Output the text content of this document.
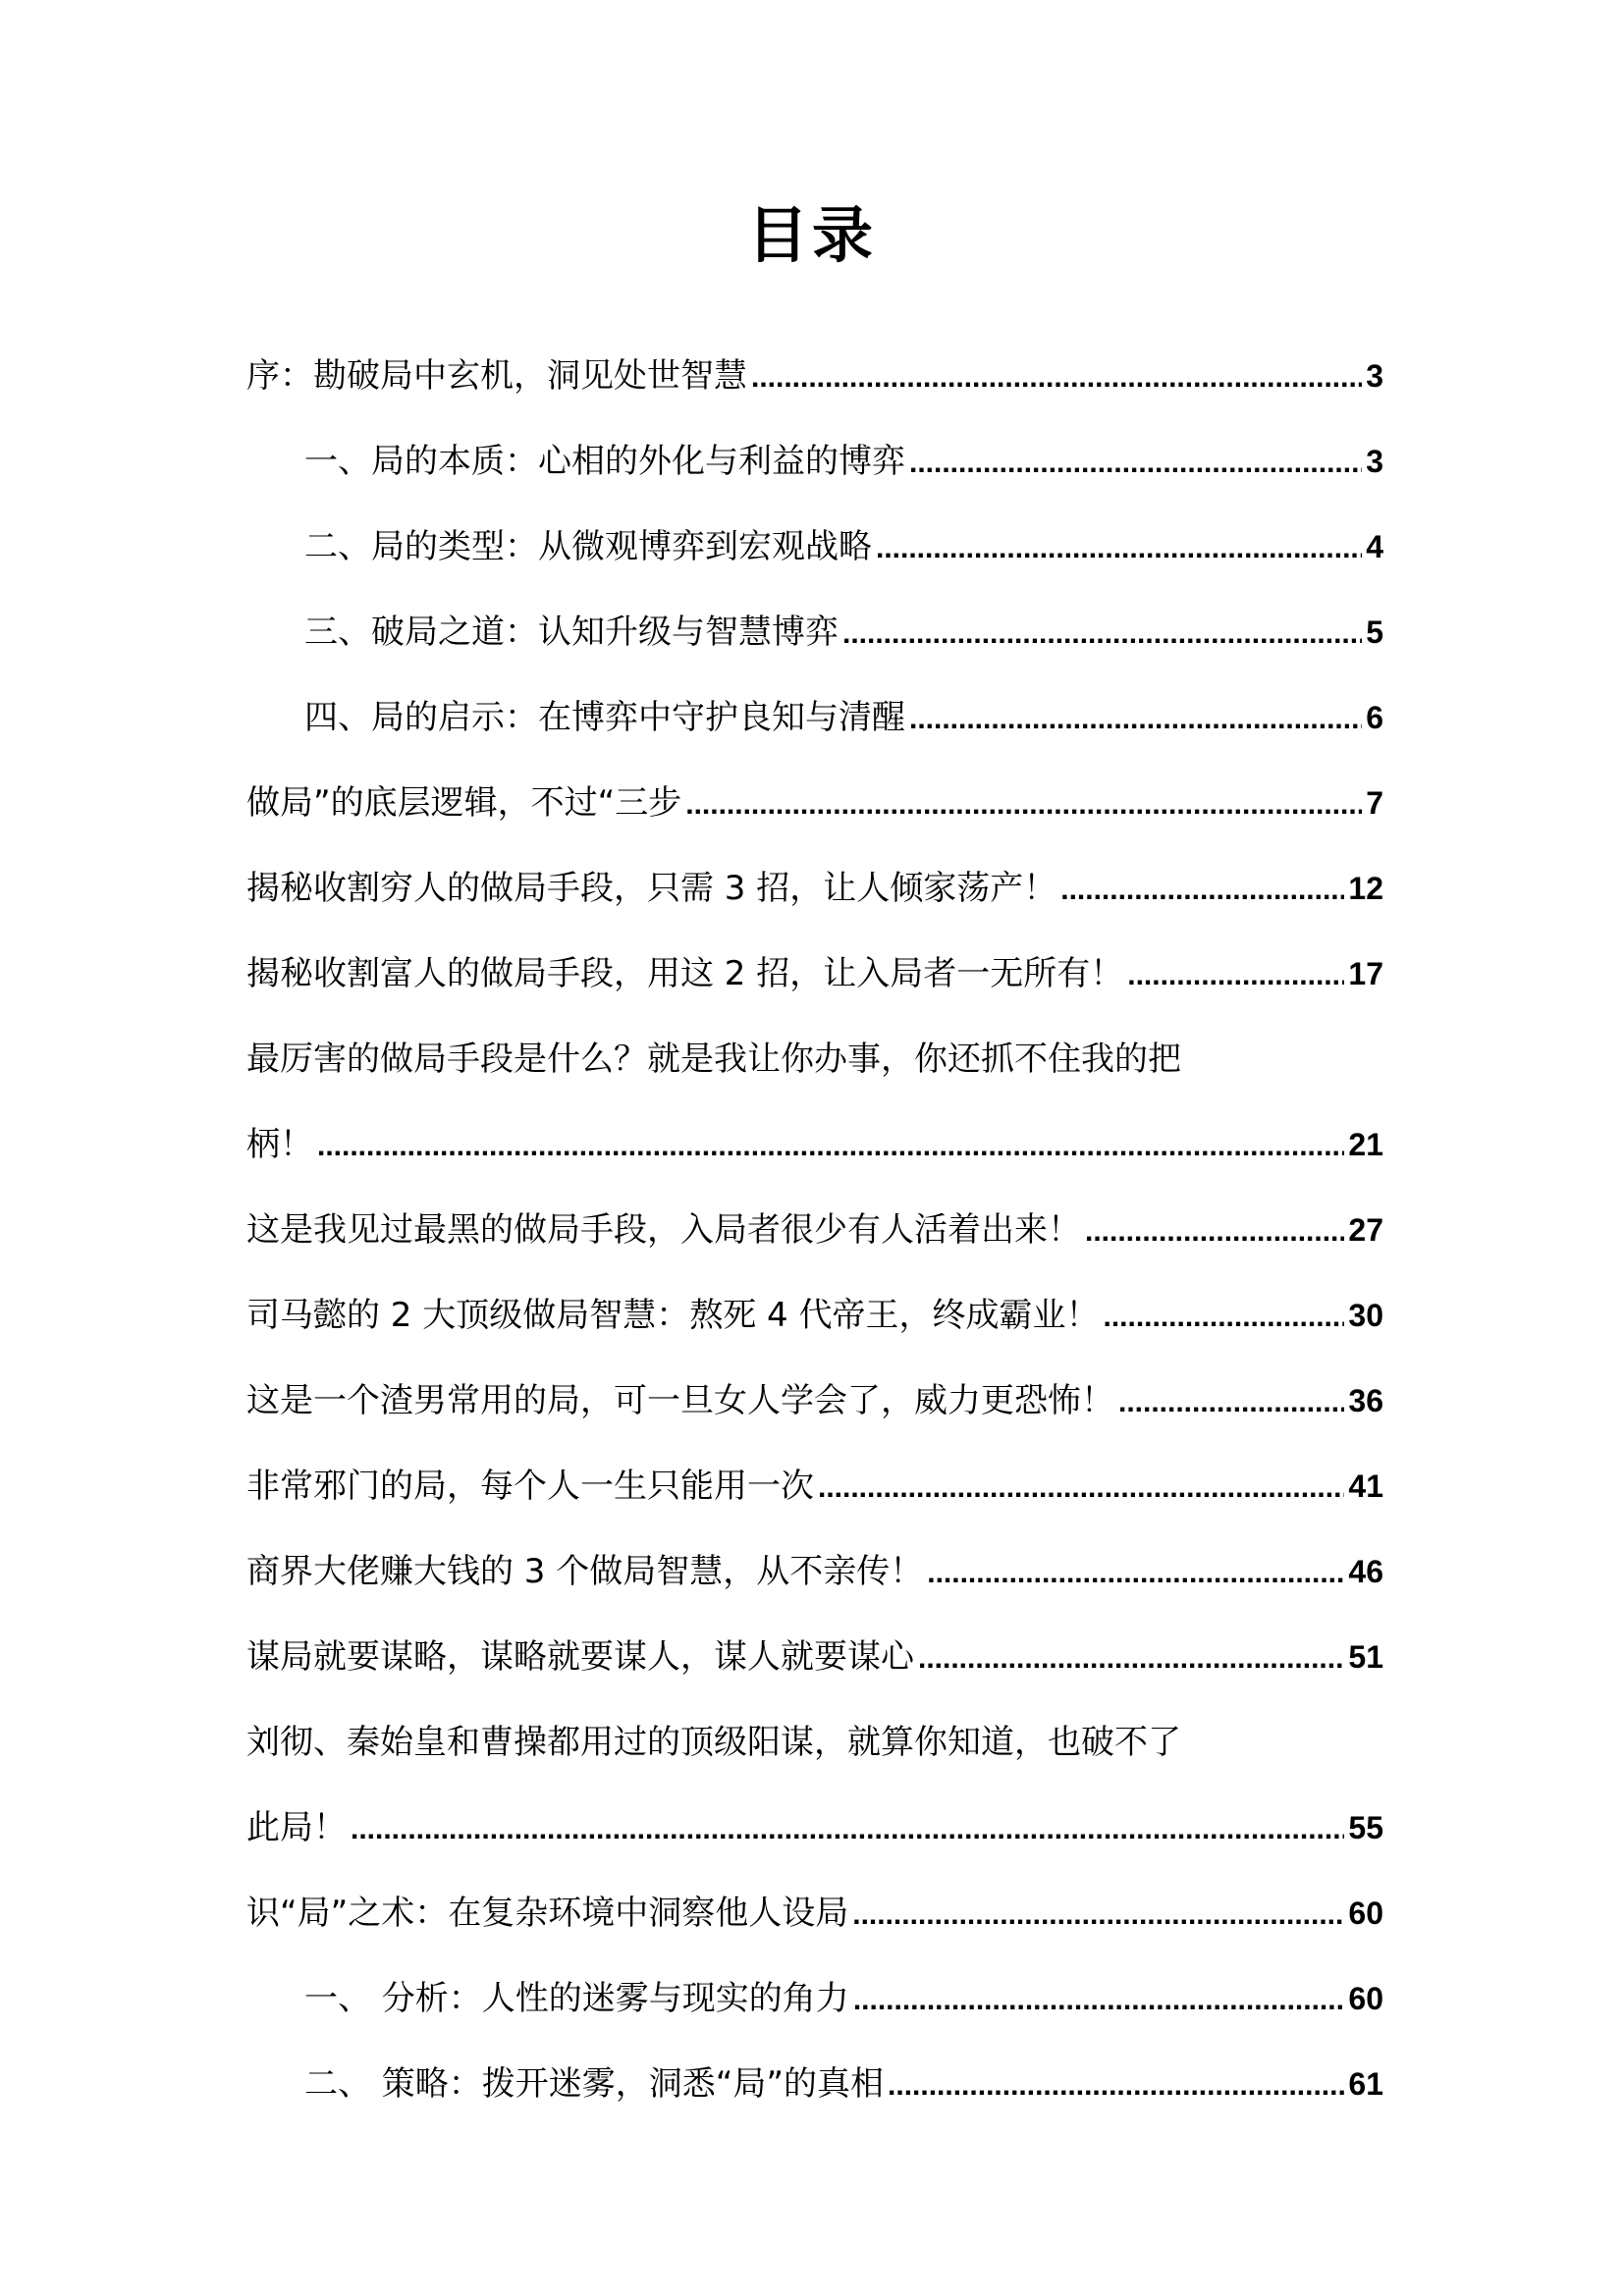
目录
序：勘破局中玄机，洞见处世智慧 .....	3
一、局的本质：心相的外化与利益的博弈 .....	3
二、局的类型：从微观博弈到宏观战略 .....	4
三、破局之道：认知升级与智慧博弈 .....	5
四、局的启示：在博弈中守护良知与清醒 .....	6
做局”的底层逻辑，不过“三步 .....	7
揭秘收割穷人的做局手段，只需 3 招，让人倾家荡产！ .....	12
揭秘收割富人的做局手段，用这 2 招，让入局者一无所有！ .....	17
最厉害的做局手段是什么？就是我让你办事，你还抓不住我的把
柄！ .....	21
这是我见过最黑的做局手段，入局者很少有人活着出来！ .....	27
司马懿的 2 大顶级做局智慧：熬死 4 代帝王，终成霸业！ .....	30
这是一个渣男常用的局，可一旦女人学会了，威力更恐怖！ .....	36
非常邪门的局，每个人一生只能用一次 .....	41
商界大佬赚大钱的 3 个做局智慧，从不亲传！ .....	46
谋局就要谋略，谋略就要谋人，谋人就要谋心 .....	51
刘彻、秦始皇和曹操都用过的顶级阳谋，就算你知道，也破不了
此局！ .....	55
识“局”之术：在复杂环境中洞察他人设局 .....	60
一、 分析：人性的迷雾与现实的角力 .....	60
二、 策略：拨开迷雾，洞悉“局”的真相 .....	61
